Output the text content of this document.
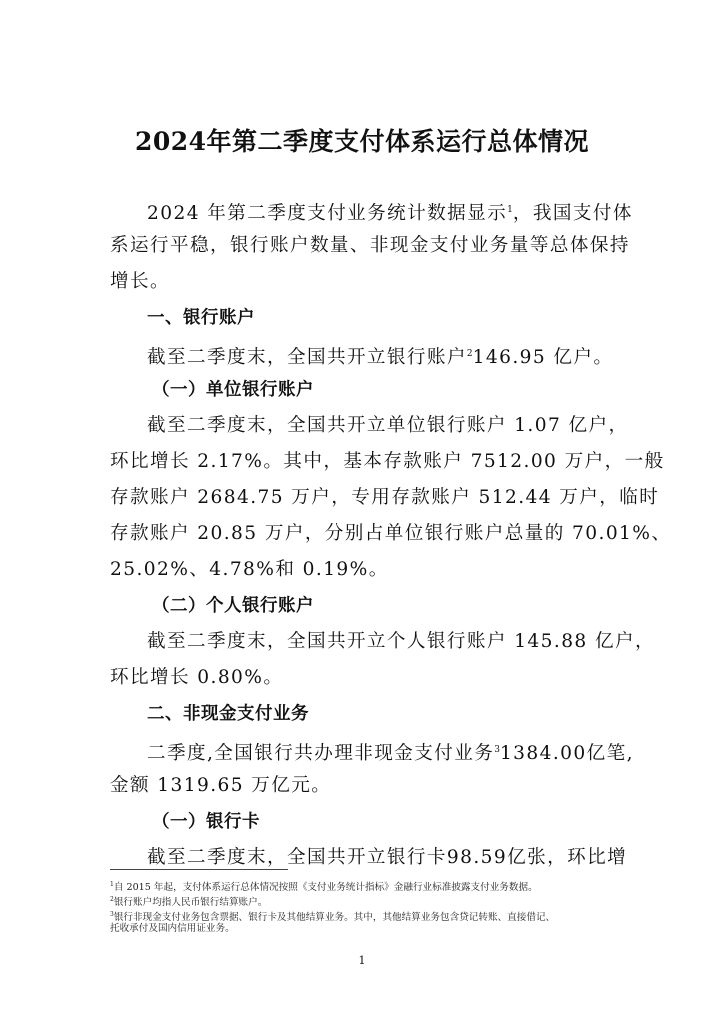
2024年第二季度支付体系运行总体情况
2024 年第二季度支付业务统计数据显示$^1$，我国支付体
系运行平稳，银行账户数量、非现金支付业务量等总体保持
增长。
一、银行账户
截至二季度末，全国共开立银行账户$^2$146.95 亿户。
（一）单位银行账户
截至二季度末，全国共开立单位银行账户 1.07 亿户，
环比增长 2.17%。其中，基本存款账户 7512.00 万户，一般
存款账户 2684.75 万户，专用存款账户 512.44 万户，临时
存款账户 20.85 万户，分别占单位银行账户总量的 70.01%、
25.02%、4.78%和 0.19%。
（二）个人银行账户
截至二季度末，全国共开立个人银行账户 145.88 亿户，
环比增长 0.80%。
二、非现金支付业务
二季度,全国银行共办理非现金支付业务$^3$1384.00亿笔,
金额 1319.65 万亿元。
（一）银行卡
截至二季度末，全国共开立银行卡98.59亿张，环比增
$^1$自 2015 年起，支付体系运行总体情况按照《支付业务统计指标》金融行业标准披露支付业务数据。
$^2$银行账户均指人民币银行结算账户。
$^3$银行非现金支付业务包含票据、银行卡及其他结算业务。其中，其他结算业务包含贷记转账、直接借记、
托收承付及国内信用证业务。
1
